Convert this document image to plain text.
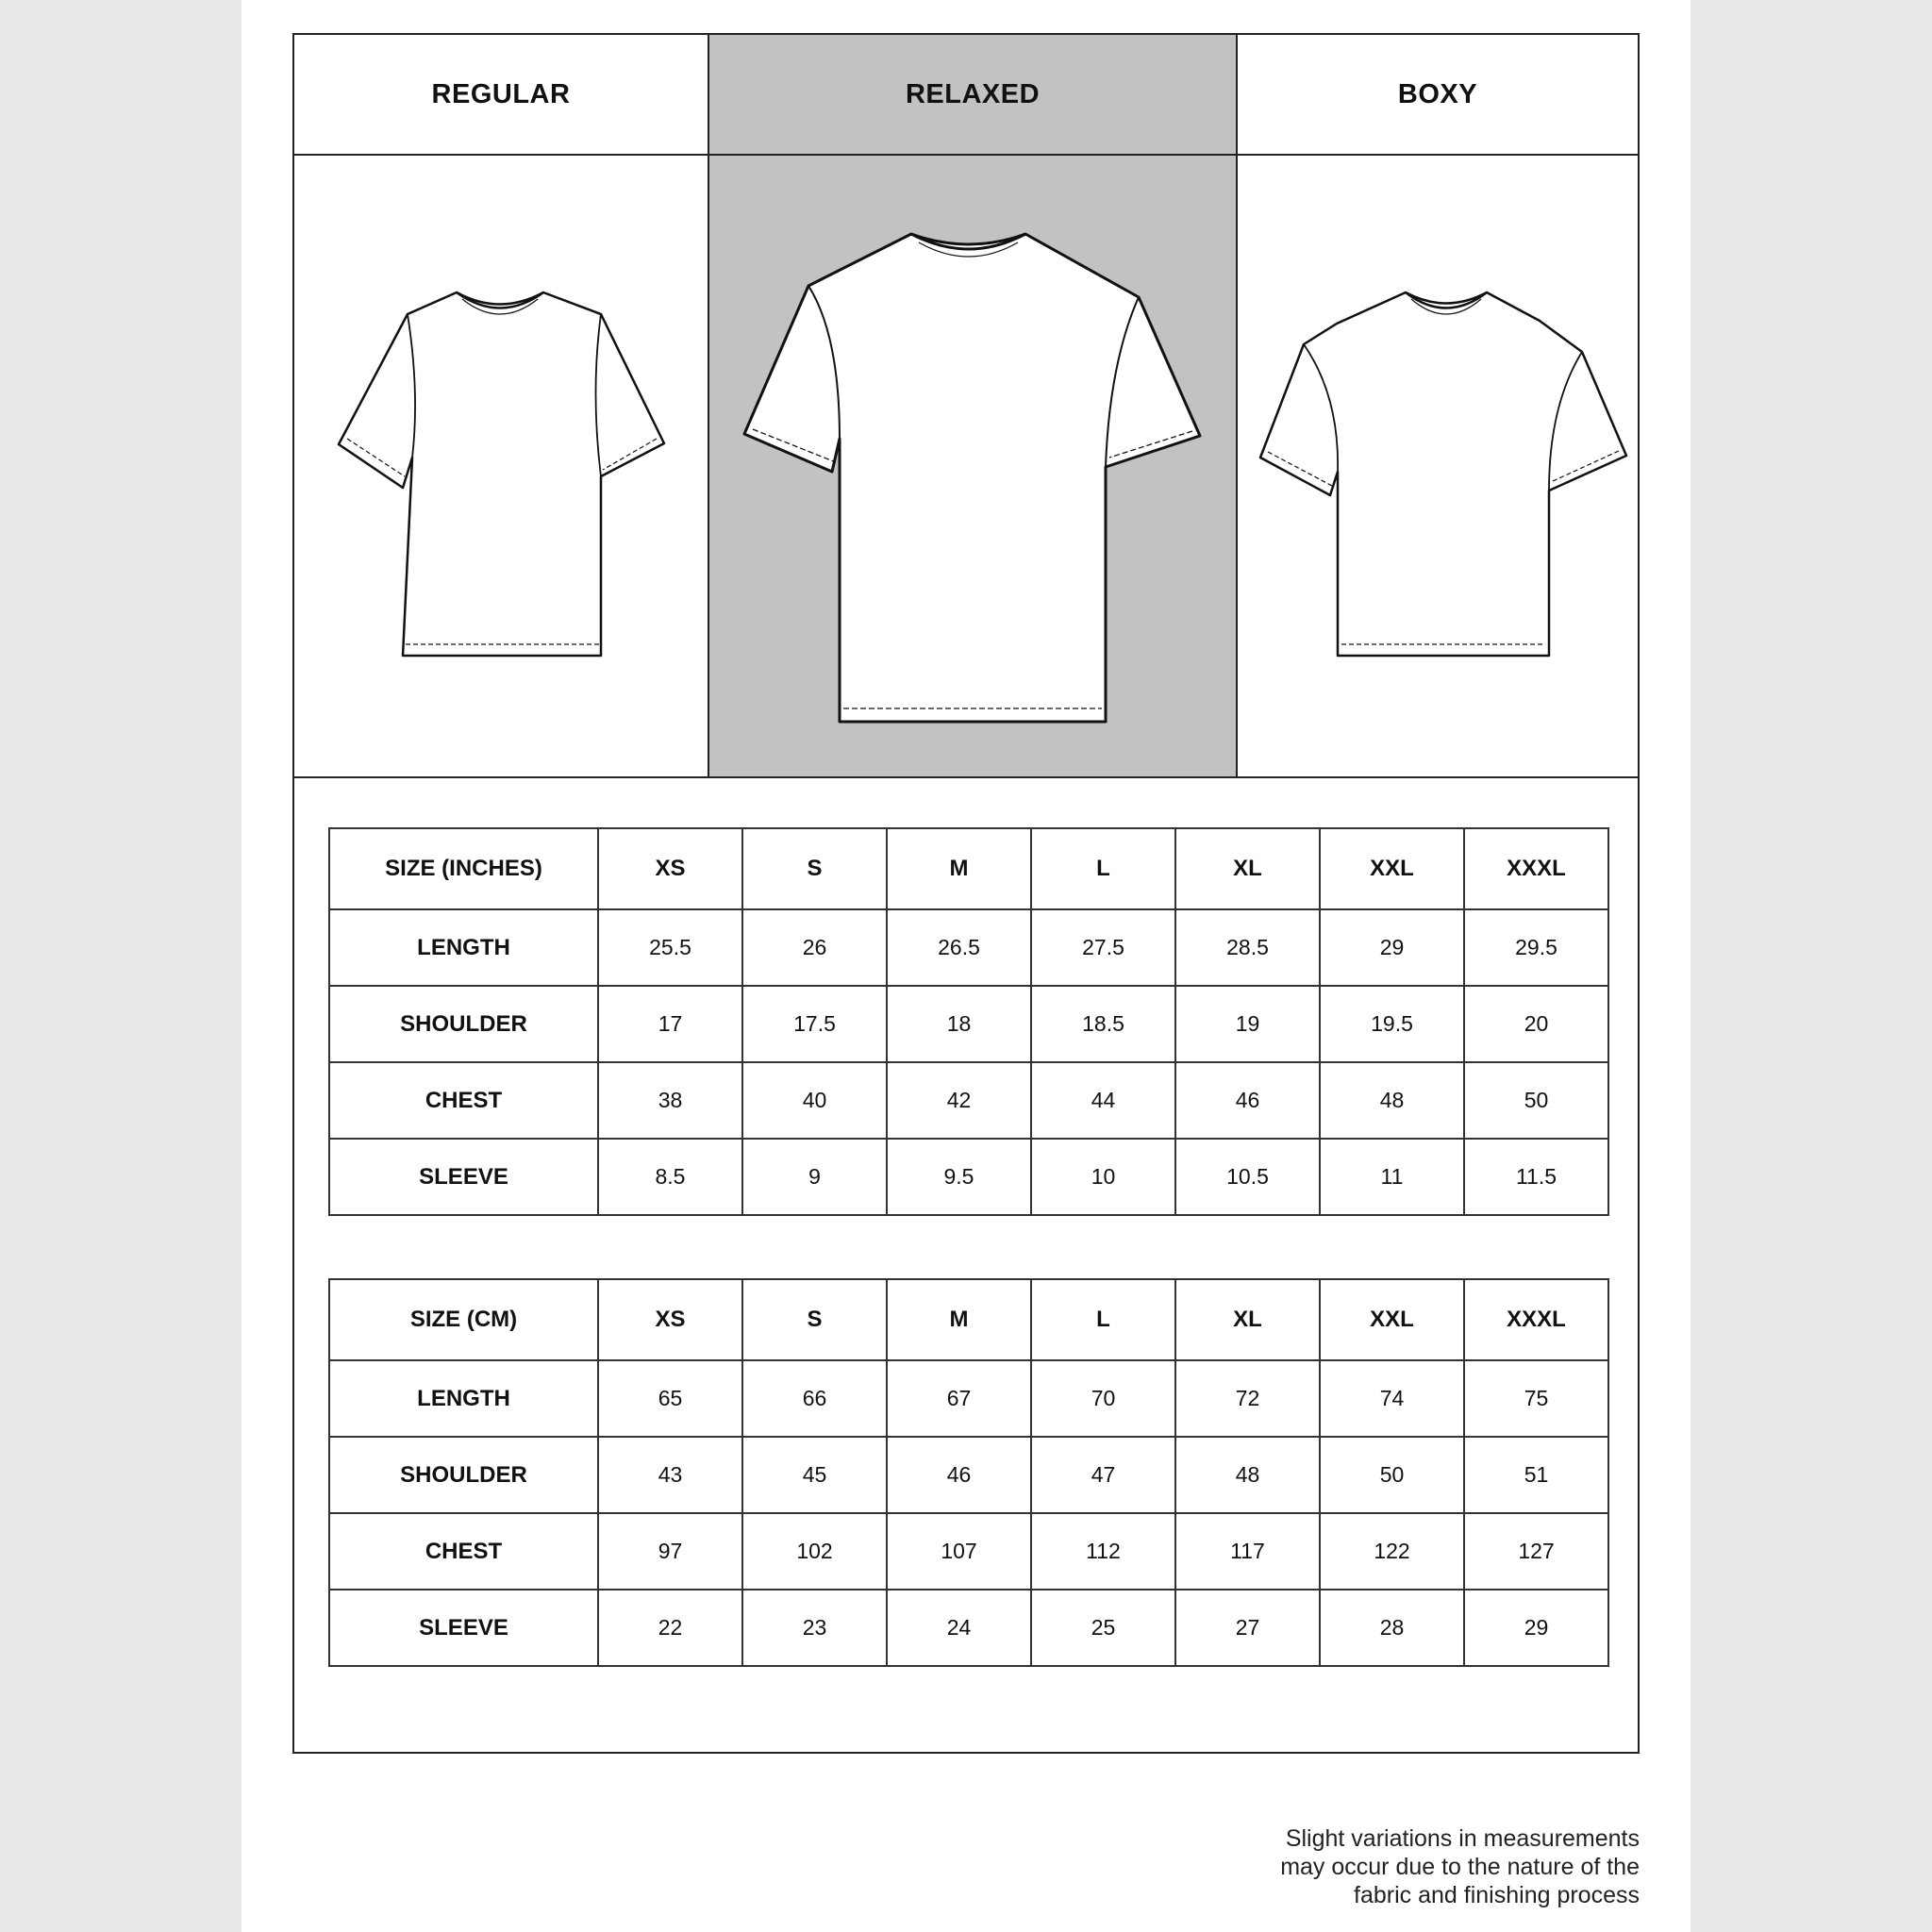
REGULAR	RELAXED	BOXY
SIZE (INCHES)	XS	S	M	L	XL	XXL	XXXL
LENGTH	25.5	26	26.5	27.5	28.5	29	29.5
SHOULDER	17	17.5	18	18.5	19	19.5	20
CHEST	38	40	42	44	46	48	50
SLEEVE	8.5	9	9.5	10	10.5	11	11.5
SIZE (CM)	XS	S	M	L	XL	XXL	XXXL
LENGTH	65	66	67	70	72	74	75
SHOULDER	43	45	46	47	48	50	51
CHEST	97	102	107	112	117	122	127
SLEEVE	22	23	24	25	27	28	29
Slight variations in measurements
may occur due to the nature of the
fabric and finishing process
